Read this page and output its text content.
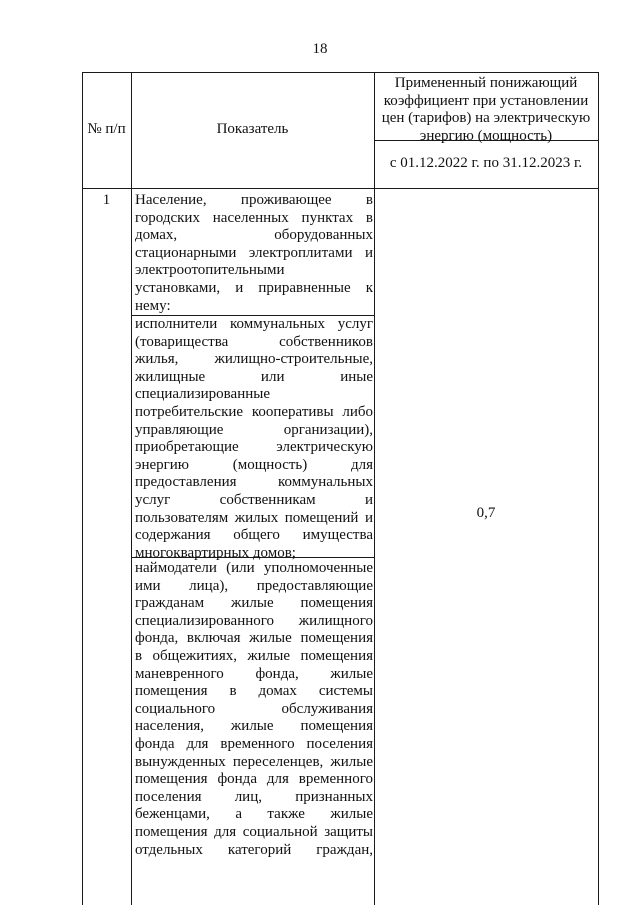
18
№ п/п	Показатель
Примененный понижающий коэффициент при установлении цен (тарифов) на электрическую энергию (мощность)
с 01.12.2022 г. по 31.12.2023 г.
1
0,7
Население, проживающее в
городских населенных пунктах в
домах, оборудованных
стационарными электроплитами и
электроотопительными
установками, и приравненные к
нему:
исполнители коммунальных услуг
(товарищества собственников
жилья, жилищно-строительные,
жилищные или иные
специализированные
потребительские кооперативы либо
управляющие организации),
приобретающие электрическую
энергию (мощность) для
предоставления коммунальных
услуг собственникам и
пользователям жилых помещений и
содержания общего имущества
многоквартирных домов;
наймодатели (или уполномоченные
ими лица), предоставляющие
гражданам жилые помещения
специализированного жилищного
фонда, включая жилые помещения
в общежитиях, жилые помещения
маневренного фонда, жилые
помещения в домах системы
социального обслуживания
населения, жилые помещения
фонда для временного поселения
вынужденных переселенцев, жилые
помещения фонда для временного
поселения лиц, признанных
беженцами, а также жилые
помещения для социальной защиты
отдельных категорий граждан,
